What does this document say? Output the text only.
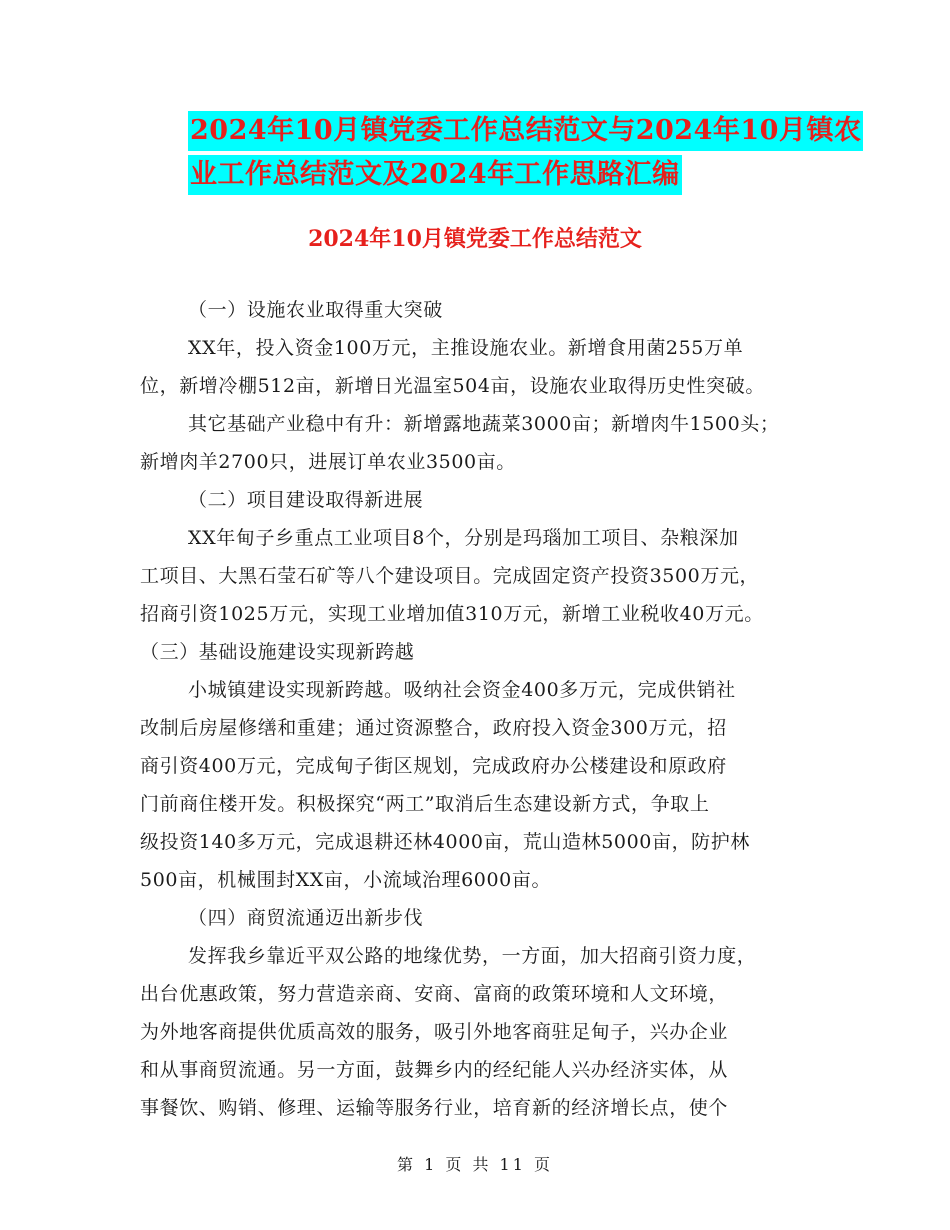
2024年10月镇党委工作总结范文与2024年10月镇农
业工作总结范文及2024年工作思路汇编
2024年10月镇党委工作总结范文
（一）设施农业取得重大突破
XX年，投入资金100万元，主推设施农业。新增食用菌255万单
位，新增冷棚512亩，新增日光温室504亩，设施农业取得历史性突破。
其它基础产业稳中有升：新增露地蔬菜3000亩；新增肉牛1500头；
新增肉羊2700只，进展订单农业3500亩。
（二）项目建设取得新进展
XX年甸子乡重点工业项目8个，分别是玛瑙加工项目、杂粮深加
工项目、大黑石莹石矿等八个建设项目。完成固定资产投资3500万元，
招商引资1025万元，实现工业增加值310万元，新增工业税收40万元。
（三）基础设施建设实现新跨越
小城镇建设实现新跨越。吸纳社会资金400多万元，完成供销社
改制后房屋修缮和重建；通过资源整合，政府投入资金300万元，招
商引资400万元，完成甸子街区规划，完成政府办公楼建设和原政府
门前商住楼开发。积极探究“两工”取消后生态建设新方式，争取上
级投资140多万元，完成退耕还林4000亩，荒山造林5000亩，防护林
500亩，机械围封XX亩，小流域治理6000亩。
（四）商贸流通迈出新步伐
发挥我乡靠近平双公路的地缘优势，一方面，加大招商引资力度，
出台优惠政策，努力营造亲商、安商、富商的政策环境和人文环境，
为外地客商提供优质高效的服务，吸引外地客商驻足甸子，兴办企业
和从事商贸流通。另一方面，鼓舞乡内的经纪能人兴办经济实体，从
事餐饮、购销、修理、运输等服务行业，培育新的经济增长点，使个
第 1 页 共 11 页
